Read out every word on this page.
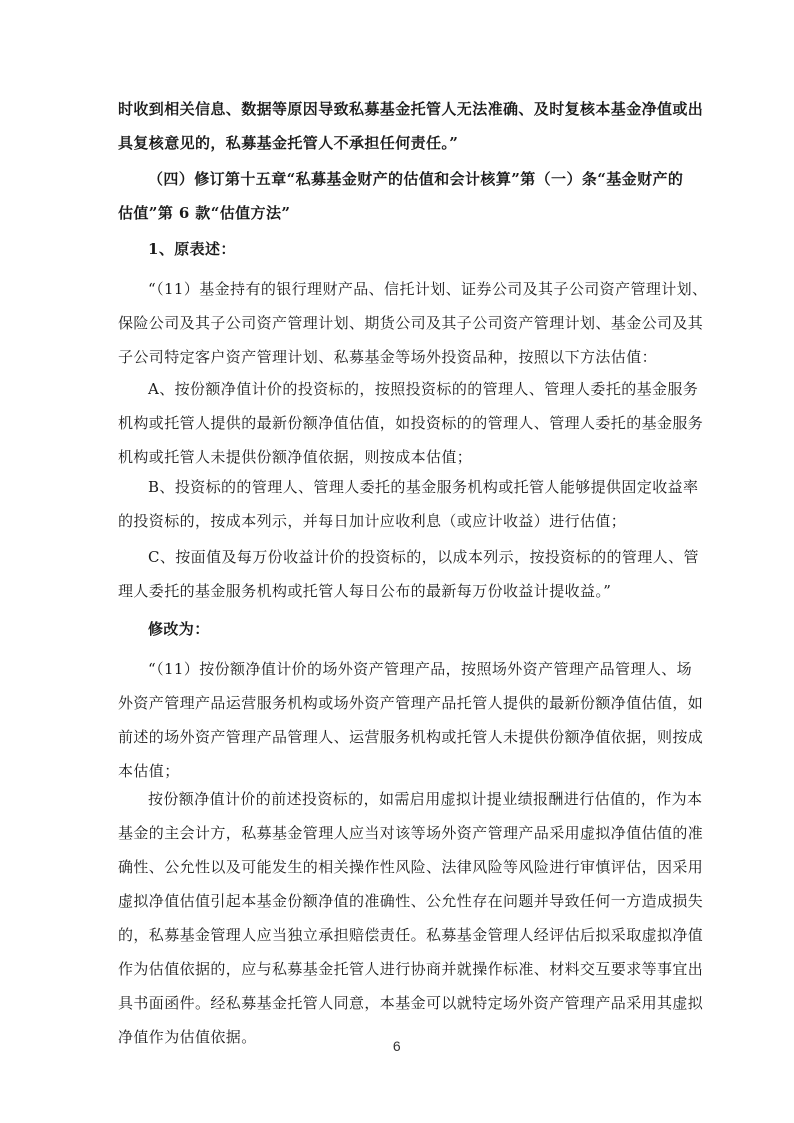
时收到相关信息、数据等原因导致私募基金托管人无法准确、及时复核本基金净值或出
具复核意见的，私募基金托管人不承担任何责任。”
（四）修订第十五章“私募基金财产的估值和会计核算”第（一）条“基金财产的
估值”第 6 款“估值方法”
1、原表述：
“（11）基金持有的银行理财产品、信托计划、证券公司及其子公司资产管理计划、
保险公司及其子公司资产管理计划、期货公司及其子公司资产管理计划、基金公司及其
子公司特定客户资产管理计划、私募基金等场外投资品种，按照以下方法估值：
A、按份额净值计价的投资标的，按照投资标的的管理人、管理人委托的基金服务
机构或托管人提供的最新份额净值估值，如投资标的的管理人、管理人委托的基金服务
机构或托管人未提供份额净值依据，则按成本估值；
B、投资标的的管理人、管理人委托的基金服务机构或托管人能够提供固定收益率
的投资标的，按成本列示，并每日加计应收利息（或应计收益）进行估值；
C、按面值及每万份收益计价的投资标的，以成本列示，按投资标的的管理人、管
理人委托的基金服务机构或托管人每日公布的最新每万份收益计提收益。”
修改为：
“（11）按份额净值计价的场外资产管理产品，按照场外资产管理产品管理人、场
外资产管理产品运营服务机构或场外资产管理产品托管人提供的最新份额净值估值，如
前述的场外资产管理产品管理人、运营服务机构或托管人未提供份额净值依据，则按成
本估值；
按份额净值计价的前述投资标的，如需启用虚拟计提业绩报酬进行估值的，作为本
基金的主会计方，私募基金管理人应当对该等场外资产管理产品采用虚拟净值估值的准
确性、公允性以及可能发生的相关操作性风险、法律风险等风险进行审慎评估，因采用
虚拟净值估值引起本基金份额净值的准确性、公允性存在问题并导致任何一方造成损失
的，私募基金管理人应当独立承担赔偿责任。私募基金管理人经评估后拟采取虚拟净值
作为估值依据的，应与私募基金托管人进行协商并就操作标准、材料交互要求等事宜出
具书面函件。经私募基金托管人同意，本基金可以就特定场外资产管理产品采用其虚拟
净值作为估值依据。	6
